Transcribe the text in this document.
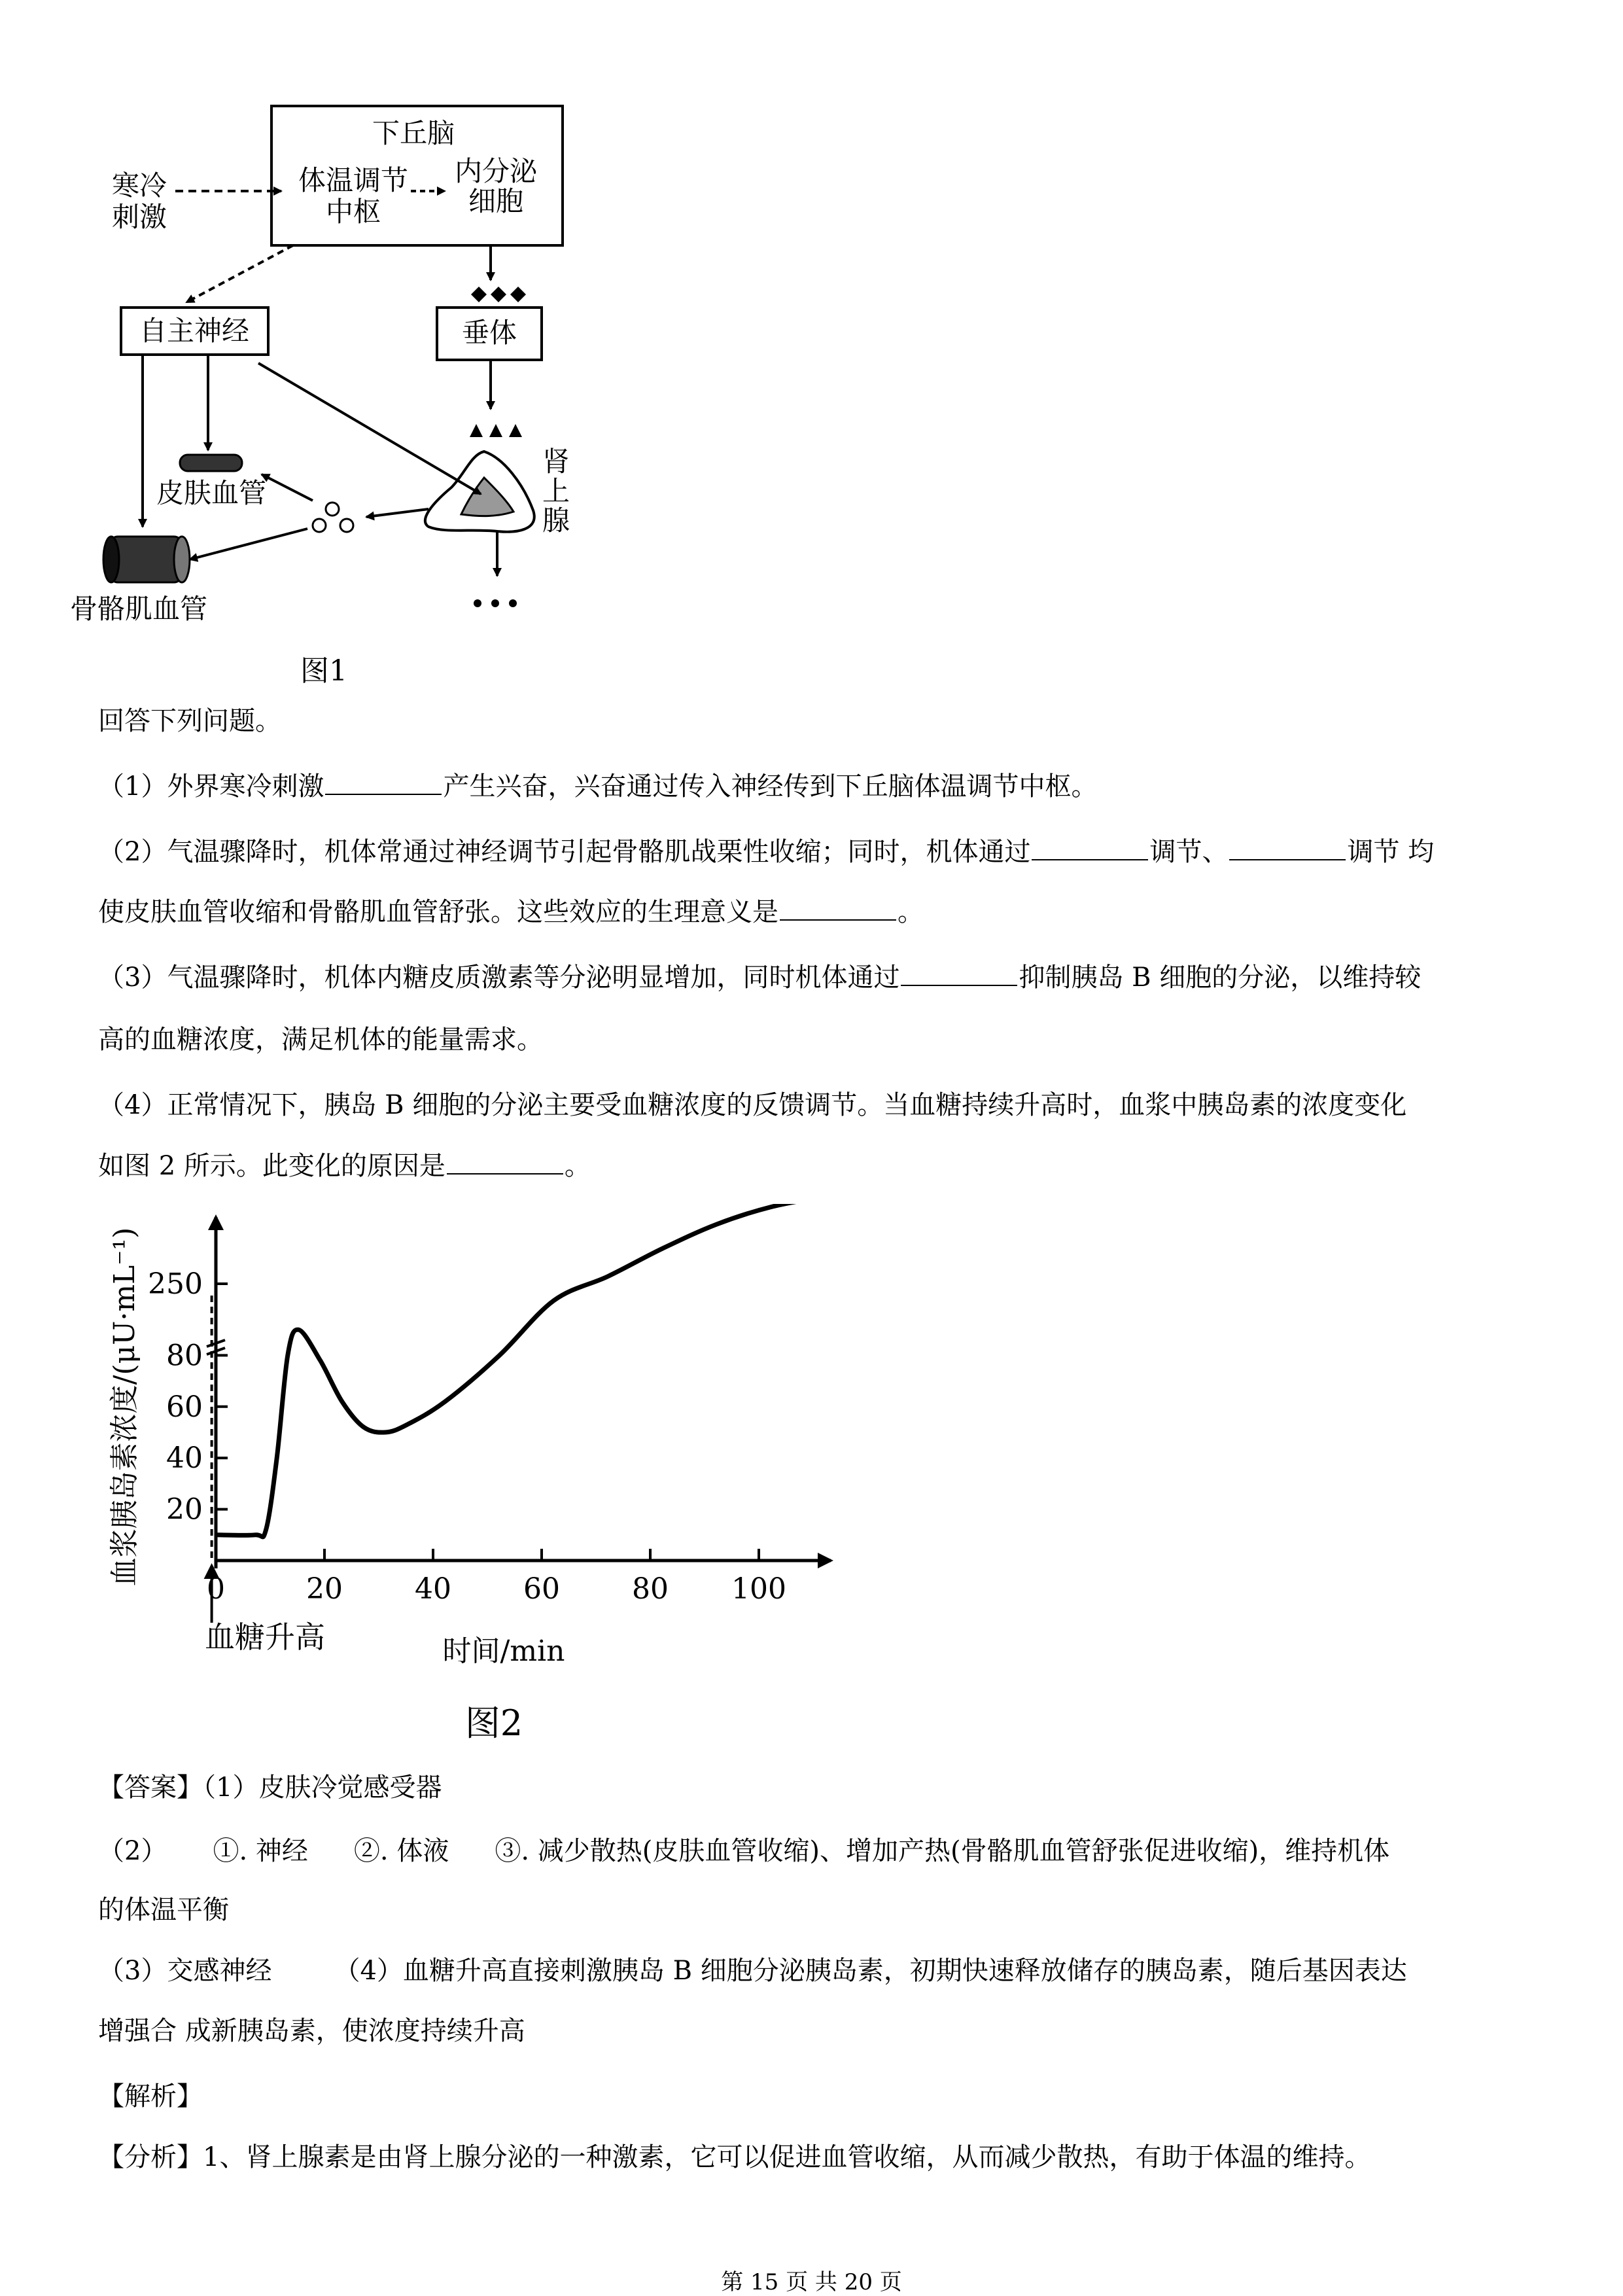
下丘脑
体温调节
中枢
内分泌
细胞
寒冷
刺激
自主神经	垂体
肾
上
腺
皮肤血管
骨骼肌血管
图1
回答下列问题。
（1）外界寒冷刺激	产生兴奋，兴奋通过传入神经传到下丘脑体温调节中枢。
（2）气温骤降时，机体常通过神经调节引起骨骼肌战栗性收缩；同时，机体通过	调节、	调节 均
使皮肤血管收缩和骨骼肌血管舒张。这些效应的生理意义是	。
（3）气温骤降时，机体内糖皮质激素等分泌明显增加，同时机体通过	抑制胰岛 B 细胞的分泌，以维持较
高的血糖浓度，满足机体的能量需求。
（4）正常情况下，胰岛 B 细胞的分泌主要受血糖浓度的反馈调节。当血糖持续升高时，血浆中胰岛素的浓度变化
如图 2 所示。此变化的原因是	。
20
40
60
80
250
0	20	40	60	80 100
血浆胰岛素浓度/(μU·mL⁻¹)
时间/min
血糖升高
图2
【答案】（1）皮肤冷觉感受器
（2） ①. 神经 ②. 体液 ③. 减少散热(皮肤血管收缩)、增加产热(骨骼肌血管舒张促进收缩)，维持机体
的体温平衡
（3）交感神经 （4）血糖升高直接刺激胰岛 B 细胞分泌胰岛素，初期快速释放储存的胰岛素，随后基因表达
增强合 成新胰岛素，使浓度持续升高
【解析】
【分析】1、肾上腺素是由肾上腺分泌的一种激素，它可以促进血管收缩，从而减少散热，有助于体温的维持。
第 15 页 共 20 页
